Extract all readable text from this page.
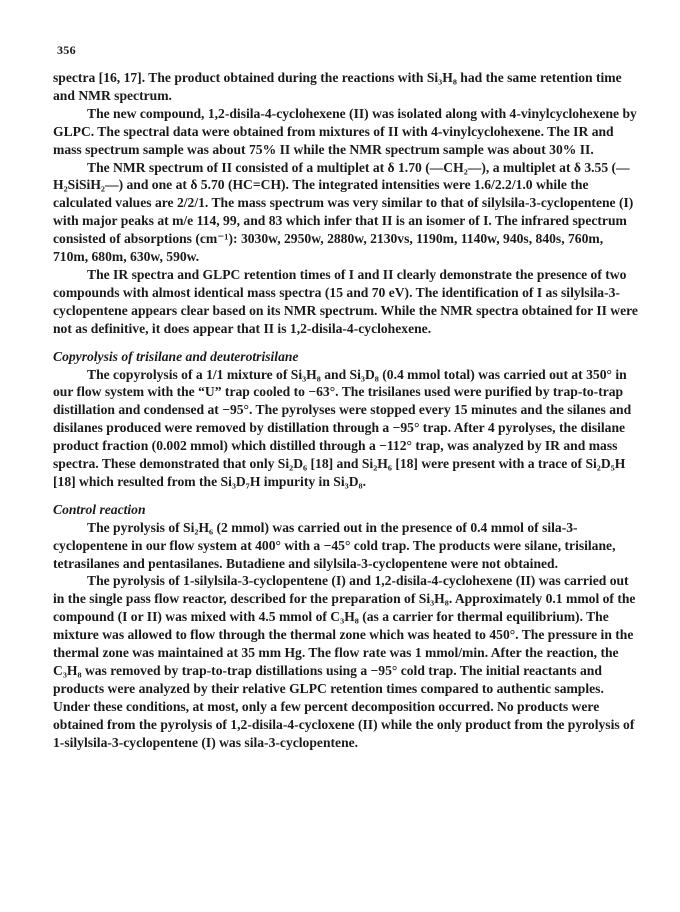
356

spectra [16, 17]. The product obtained during the reactions with Si₃H₈ had the same retention time and NMR spectrum.

The new compound, 1,2-disila-4-cyclohexene (II) was isolated along with 4-vinylcyclohexene by GLPC. The spectral data were obtained from mixtures of II with 4-vinylcyclohexene. The IR and mass spectrum sample was about 75% II while the NMR spectrum sample was about 30% II.

The NMR spectrum of II consisted of a multiplet at δ 1.70 (—CH₂—), a multiplet at δ 3.55 (—H₂SiSiH₂—) and one at δ 5.70 (HC=CH). The integrated intensities were 1.6/2.2/1.0 while the calculated values are 2/2/1. The mass spectrum was very similar to that of silylsila-3-cyclopentene (I) with major peaks at m/e 114, 99, and 83 which infer that II is an isomer of I. The infrared spectrum consisted of absorptions (cm⁻¹): 3030w, 2950w, 2880w, 2130vs, 1190m, 1140w, 940s, 840s, 760m, 710m, 680m, 630w, 590w.

The IR spectra and GLPC retention times of I and II clearly demonstrate the presence of two compounds with almost identical mass spectra (15 and 70 eV). The identification of I as silylsila-3-cyclopentene appears clear based on its NMR spectrum. While the NMR spectra obtained for II were not as definitive, it does appear that II is 1,2-disila-4-cyclohexene.

Copyrolysis of trisilane and deuterotrisilane

The copyrolysis of a 1/1 mixture of Si₃H₈ and Si₃D₈ (0.4 mmol total) was carried out at 350° in our flow system with the “U” trap cooled to −63°. The trisilanes used were purified by trap-to-trap distillation and condensed at −95°. The pyrolyses were stopped every 15 minutes and the silanes and disilanes produced were removed by distillation through a −95° trap. After 4 pyrolyses, the disilane product fraction (0.002 mmol) which distilled through a −112° trap, was analyzed by IR and mass spectra. These demonstrated that only Si₂D₆ [18] and Si₂H₆ [18] were present with a trace of Si₂D₅H [18] which resulted from the Si₃D₇H impurity in Si₃D₈.

Control reaction

The pyrolysis of Si₂H₆ (2 mmol) was carried out in the presence of 0.4 mmol of sila-3-cyclopentene in our flow system at 400° with a −45° cold trap. The products were silane, trisilane, tetrasilanes and pentasilanes. Butadiene and silylsila-3-cyclopentene were not obtained.

The pyrolysis of 1-silylsila-3-cyclopentene (I) and 1,2-disila-4-cyclohexene (II) was carried out in the single pass flow reactor, described for the preparation of Si₃H₈. Approximately 0.1 mmol of the compound (I or II) was mixed with 4.5 mmol of C₃H₈ (as a carrier for thermal equilibrium). The mixture was allowed to flow through the thermal zone which was heated to 450°. The pressure in the thermal zone was maintained at 35 mm Hg. The flow rate was 1 mmol/min. After the reaction, the C₃H₈ was removed by trap-to-trap distillations using a −95° cold trap. The initial reactants and products were analyzed by their relative GLPC retention times compared to authentic samples. Under these conditions, at most, only a few percent decomposition occurred. No products were obtained from the pyrolysis of 1,2-disila-4-cycloxene (II) while the only product from the pyrolysis of 1-silylsila-3-cyclopentene (I) was sila-3-cyclopentene.
